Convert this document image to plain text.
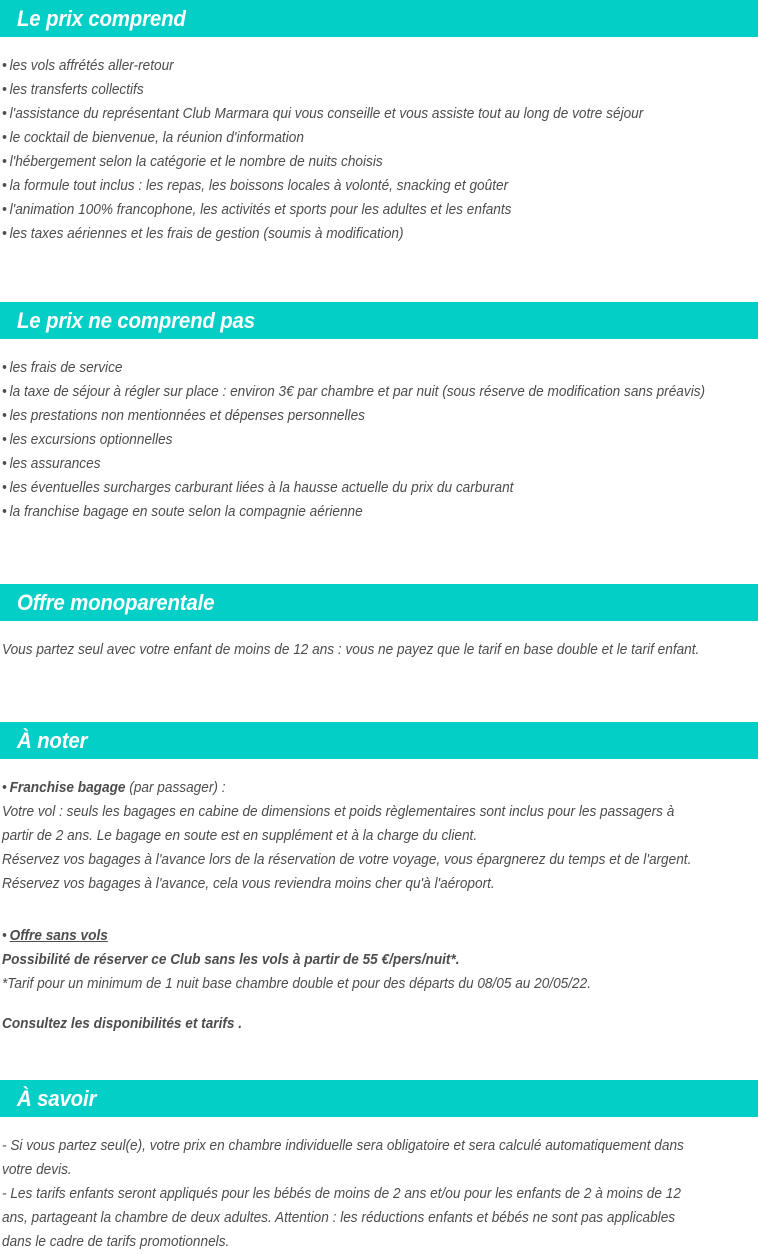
Le prix comprend
• les vols affrétés aller-retour
• les transferts collectifs
• l'assistance du représentant Club Marmara qui vous conseille et vous assiste tout au long de votre séjour
• le cocktail de bienvenue, la réunion d'information
• l'hébergement selon la catégorie et le nombre de nuits choisis
• la formule tout inclus : les repas, les boissons locales à volonté, snacking et goûter
• l'animation 100% francophone, les activités et sports pour les adultes et les enfants
• les taxes aériennes et les frais de gestion (soumis à modification)
Le prix ne comprend pas
• les frais de service
• la taxe de séjour à régler sur place : environ 3€ par chambre et par nuit (sous réserve de modification sans préavis)
• les prestations non mentionnées et dépenses personnelles
• les excursions optionnelles
• les assurances
• les éventuelles surcharges carburant liées à la hausse actuelle du prix du carburant
• la franchise bagage en soute selon la compagnie aérienne
Offre monoparentale
Vous partez seul avec votre enfant de moins de 12 ans : vous ne payez que le tarif en base double et le tarif enfant.
À noter
• Franchise bagage (par passager) :
Votre vol : seuls les bagages en cabine de dimensions et poids règlementaires sont inclus pour les passagers à partir de 2 ans. Le bagage en soute est en supplément et à la charge du client.
Réservez vos bagages à l'avance lors de la réservation de votre voyage, vous épargnerez du temps et de l'argent.
Réservez vos bagages à l'avance, cela vous reviendra moins cher qu'à l'aéroport.
• Offre sans vols
Possibilité de réserver ce Club sans les vols à partir de 55 €/pers/nuit*.
*Tarif pour un minimum de 1 nuit base chambre double et pour des départs du 08/05 au 20/05/22.
Consultez les disponibilités et tarifs .
À savoir
- Si vous partez seul(e), votre prix en chambre individuelle sera obligatoire et sera calculé automatiquement dans votre devis.
- Les tarifs enfants seront appliqués pour les bébés de moins de 2 ans et/ou pour les enfants de 2 à moins de 12 ans, partageant la chambre de deux adultes. Attention : les réductions enfants et bébés ne sont pas applicables dans le cadre de tarifs promotionnels.
